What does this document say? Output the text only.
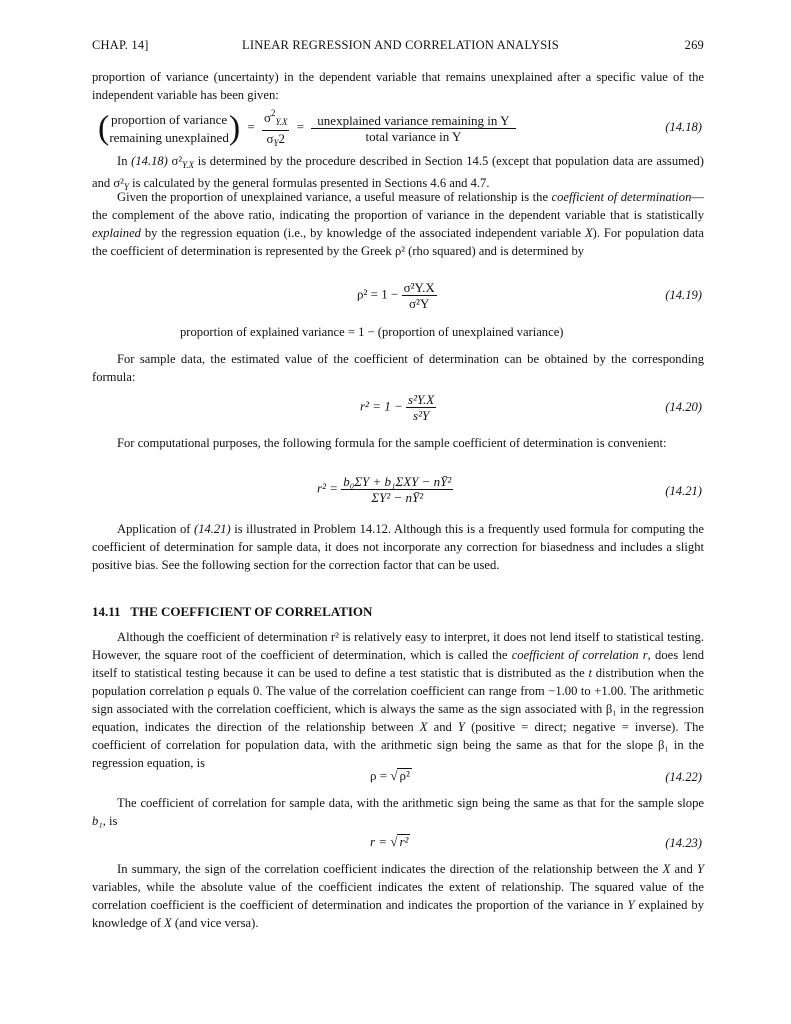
CHAP. 14]	LINEAR REGRESSION AND CORRELATION ANALYSIS	269

proportion of variance (uncertainty) in the dependent variable that remains unexplained after a specific value of the independent variable has been given:

( proportion of variance
remaining unexplained ) = $\frac{\sigma^2_{Y.X}}{\sigma_Y2} = \frac{\text{unexplained variance remaining in Y}}{\text{total variance in Y}}$	(14.18)

In (14.18) $\sigma^2_{Y.X}$ is determined by the procedure described in Section 14.5 (except that population data are assumed) and $\sigma^2_Y$ is calculated by the general formulas presented in Sections 4.6 and 4.7.

Given the proportion of unexplained variance, a useful measure of relationship is the coefficient of determination—the complement of the above ratio, indicating the proportion of variance in the dependent variable that is statistically explained by the regression equation (i.e., by knowledge of the associated independent variable X). For population data the coefficient of determination is represented by the Greek ρ² (rho squared) and is determined by

$\rho^2 = 1 - \frac{\text{σ²Y.X}}{\text{σ²Y}}$	(14.19)

proportion of explained variance = 1 − (proportion of unexplained variance)

For sample data, the estimated value of the coefficient of determination can be obtained by the corresponding formula:

$r^2 = 1 - \frac{\text{s²Y.X}}{\text{s²Y}}$	(14.20)

For computational purposes, the following formula for the sample coefficient of determination is convenient:

$r^2 = \frac{\text{b₀ΣY + b₁ΣXY − nȲ²}}{\text{ΣY² − nȲ²}}$	(14.21)

Application of (14.21) is illustrated in Problem 14.12. Although this is a frequently used formula for computing the coefficient of determination for sample data, it does not incorporate any correction for biasedness and includes a slight positive bias. See the following section for the correction factor that can be used.

14.11 THE COEFFICIENT OF CORRELATION

Although the coefficient of determination r² is relatively easy to interpret, it does not lend itself to statistical testing. However, the square root of the coefficient of determination, which is called the coefficient of correlation r, does lend itself to statistical testing because it can be used to define a test statistic that is distributed as the t distribution when the population correlation ρ equals 0. The value of the correlation coefficient can range from −1.00 to +1.00. The arithmetic sign associated with the correlation coefficient, which is always the same as the sign associated with β₁ in the regression equation, indicates the direction of the relationship between X and Y (positive = direct; negative = inverse). The coefficient of correlation for population data, with the arithmetic sign being the same as that for the slope β₁ in the regression equation, is

ρ = √ ρ²	(14.22)

The coefficient of correlation for sample data, with the arithmetic sign being the same as that for the sample slope b₁, is

r = √ r²	(14.23)

In summary, the sign of the correlation coefficient indicates the direction of the relationship between the X and Y variables, while the absolute value of the coefficient indicates the extent of relationship. The squared value of the correlation coefficient is the coefficient of determination and indicates the proportion of the variance in Y explained by knowledge of X (and vice versa).
